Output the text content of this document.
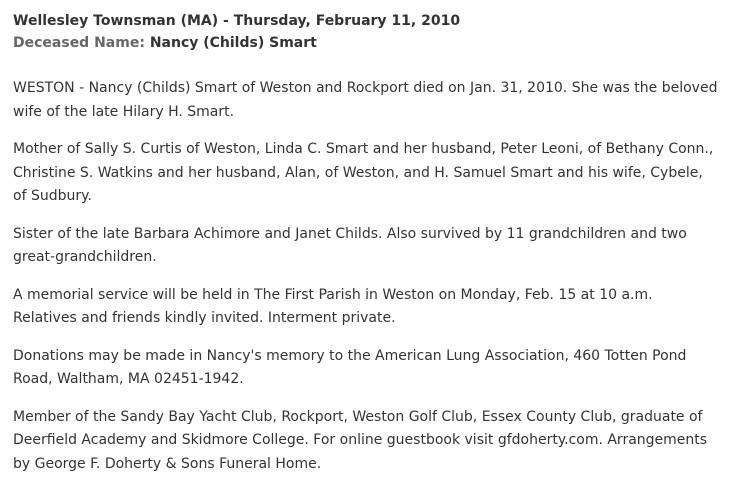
Wellesley Townsman (MA) - Thursday, February 11, 2010
Deceased Name: Nancy (Childs) Smart

WESTON - Nancy (Childs) Smart of Weston and Rockport died on Jan. 31, 2010. She was the beloved wife of the late Hilary H. Smart.

Mother of Sally S. Curtis of Weston, Linda C. Smart and her husband, Peter Leoni, of Bethany Conn., Christine S. Watkins and her husband, Alan, of Weston, and H. Samuel Smart and his wife, Cybele, of Sudbury.

Sister of the late Barbara Achimore and Janet Childs. Also survived by 11 grandchildren and two great-grandchildren.

A memorial service will be held in The First Parish in Weston on Monday, Feb. 15 at 10 a.m. Relatives and friends kindly invited. Interment private.

Donations may be made in Nancy's memory to the American Lung Association, 460 Totten Pond Road, Waltham, MA 02451-1942.

Member of the Sandy Bay Yacht Club, Rockport, Weston Golf Club, Essex County Club, graduate of Deerfield Academy and Skidmore College. For online guestbook visit gfdoherty.com. Arrangements by George F. Doherty & Sons Funeral Home.
